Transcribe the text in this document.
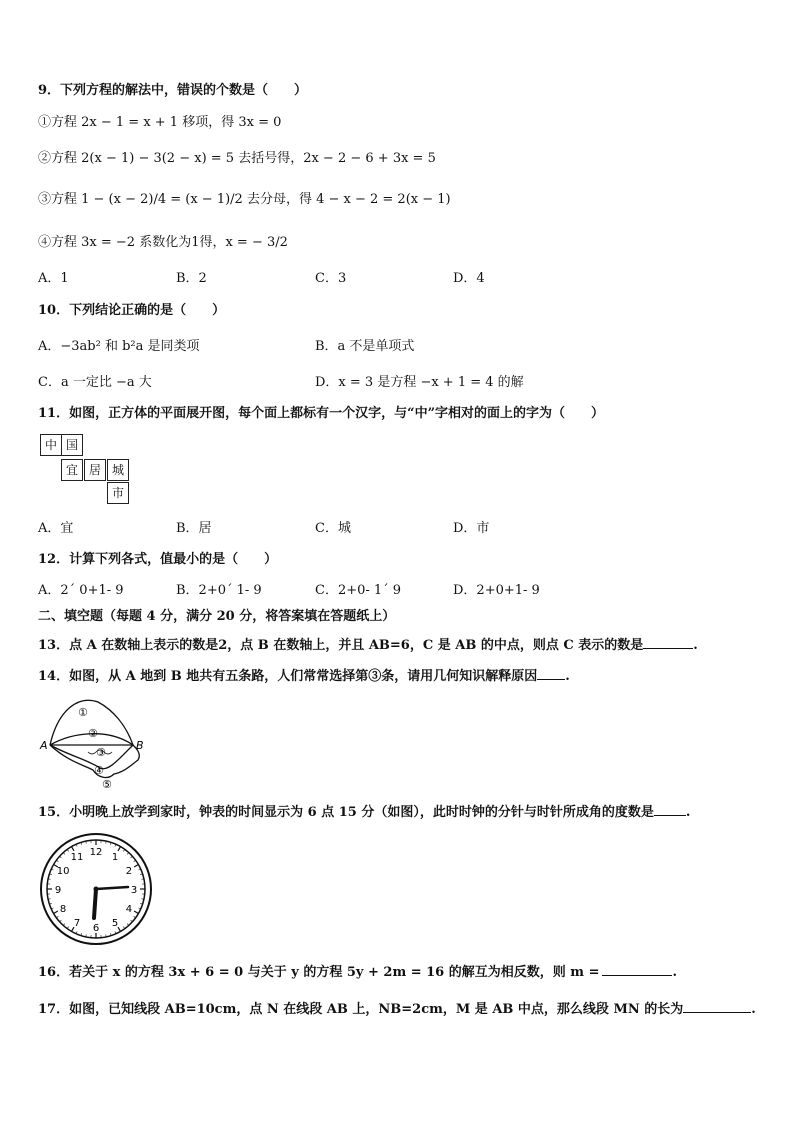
9．下列方程的解法中，错误的个数是（　　）
①方程 2x − 1 = x + 1 移项，得 3x = 0
②方程 2(x − 1) − 3(2 − x) = 5 去括号得，2x − 2 − 6 + 3x = 5
③方程 1 − (x − 2)/4 = (x − 1)/2 去分母，得 4 − x − 2 = 2(x − 1)
④方程 3x = −2 系数化为1得，x = − 3/2
A．1	B．2	C．3	D．4
10．下列结论正确的是（　　）
A．−3ab² 和 b²a 是同类项	B．a 不是单项式
C．a 一定比 −a 大	D．x = 3 是方程 −x + 1 = 4 的解
11．如图，正方体的平面展开图，每个面上都标有一个汉字，与“中”字相对的面上的字为（　　）
中 国
宜 居 城
市
A．宜	B．居	C．城	D．市
12．计算下列各式，值最小的是（　　）
A．2´ 0+1- 9	B．2+0´ 1- 9	C．2+0- 1´ 9	D．2+0+1- 9
二、填空题（每题 4 分，满分 20 分，将答案填在答题纸上）
13．点 A 在数轴上表示的数是2，点 B 在数轴上，并且 AB=6，C 是 AB 的中点，则点 C 表示的数是	.
14．如图，从 A 地到 B 地共有五条路，人们常常选择第③条，请用几何知识解释原因 .
A	B
①
②
③
④
⑤
15．小明晚上放学到家时，钟表的时间显示为 6 点 15 分（如图），此时时钟的分针与时针所成角的度数是 .
12 1
2
3
4
5
6
7
8
9
10
11
16．若关于 x 的方程 3x + 6 = 0 与关于 y 的方程 5y + 2m = 16 的解互为相反数，则 m =	.
17．如图，已知线段 AB=10cm，点 N 在线段 AB 上，NB=2cm，M 是 AB 中点，那么线段 MN 的长为	.
